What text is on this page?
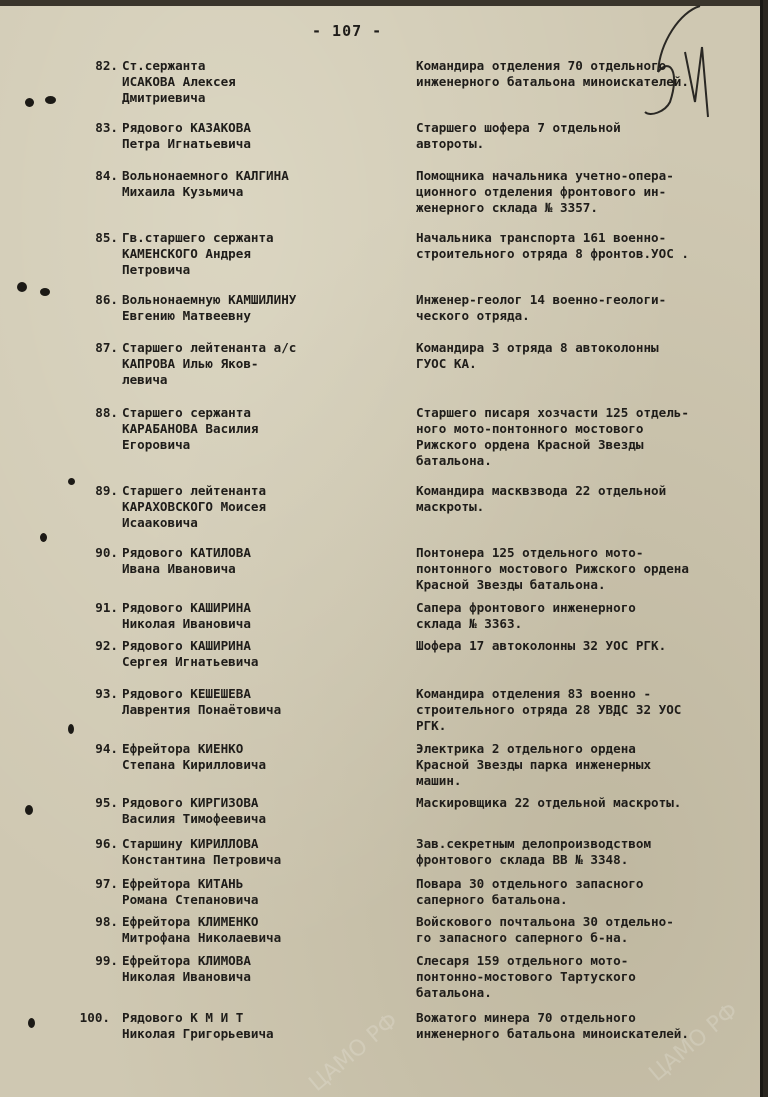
- 107 -
ЦАМО РФ	ЦАМО РФ
82. Ст.сержанта
ИСАКОВА Алексея
Дмитриевича
Командира отделения 70 отдельного
инженерного батальона миноискателей.
83. Рядового КАЗАКОВА
Петра Игнатьевича
Старшего шофера 7 отдельной
автороты.
84. Вольнонаемного КАЛГИНА
Михаила Кузьмича
Помощника начальника учетно-опера-
ционного отделения фронтового ин-
женерного склада № 3357.
85. Гв.старшего сержанта
КАМЕНСКОГО Андрея
Петровича
Начальника транспорта 161 военно-
строительного отряда 8 фронтов.УОС .
86. Вольнонаемную КАМШИЛИНУ
Евгению Матвеевну
Инженер-геолог 14 военно-геологи-
ческого отряда.
87. Старшего лейтенанта а/с
КАПРОВА Илью Яков-
левича
Командира 3 отряда 8 автоколонны
ГУОС КА.
88. Старшего сержанта
КАРАБАНОВА Василия
Егоровича
Старшего писаря хозчасти 125 отдель-
ного мото-понтонного мостового
Рижского ордена Красной Звезды
батальона.
89. Старшего лейтенанта
КАРАХОВСКОГО Моисея
Исааковича
Командира масквзвода 22 отдельной
маскроты.
90. Рядового КАТИЛОВА
Ивана Ивановича
Понтонера 125 отдельного мото-
понтонного мостового Рижского ордена
Красной Звезды батальона.
91. Рядового КАШИРИНА
Николая Ивановича
Сапера фронтового инженерного
склада № 3363.
92. Рядового КАШИРИНА
Сергея Игнатьевича
Шофера 17 автоколонны 32 УОС РГК.
93. Рядового КЕШЕШЕВА
Лаврентия Понаётовича
Командира отделения 83 военно -
строительного отряда 28 УВДС 32 УОС
РГК.
94. Ефрейтора КИЕНКО
Степана Кирилловича
Электрика 2 отдельного ордена
Красной Звезды парка инженерных
машин.
95. Рядового КИРГИЗОВА
Василия Тимофеевича
Маскировщика 22 отдельной маскроты.
96. Старшину КИРИЛЛОВА
Константина Петровича
Зав.секретным делопроизводством
фронтового склада ВВ № 3348.
97. Ефрейтора КИТАНЬ
Романа Степановича
Повара 30 отдельного запасного
саперного батальона.
98. Ефрейтора КЛИМЕНКО
Митрофана Николаевича
Войскового почтальона 30 отдельно-
го запасного саперного б-на.
99. Ефрейтора КЛИМОВА
Николая Ивановича
Слесаря 159 отдельного мото-
понтонно-мостового Тартуского
батальона.
100. Рядового К М И Т
Николая Григорьевича
Вожатого минера 70 отдельного
инженерного батальона миноискателей.
